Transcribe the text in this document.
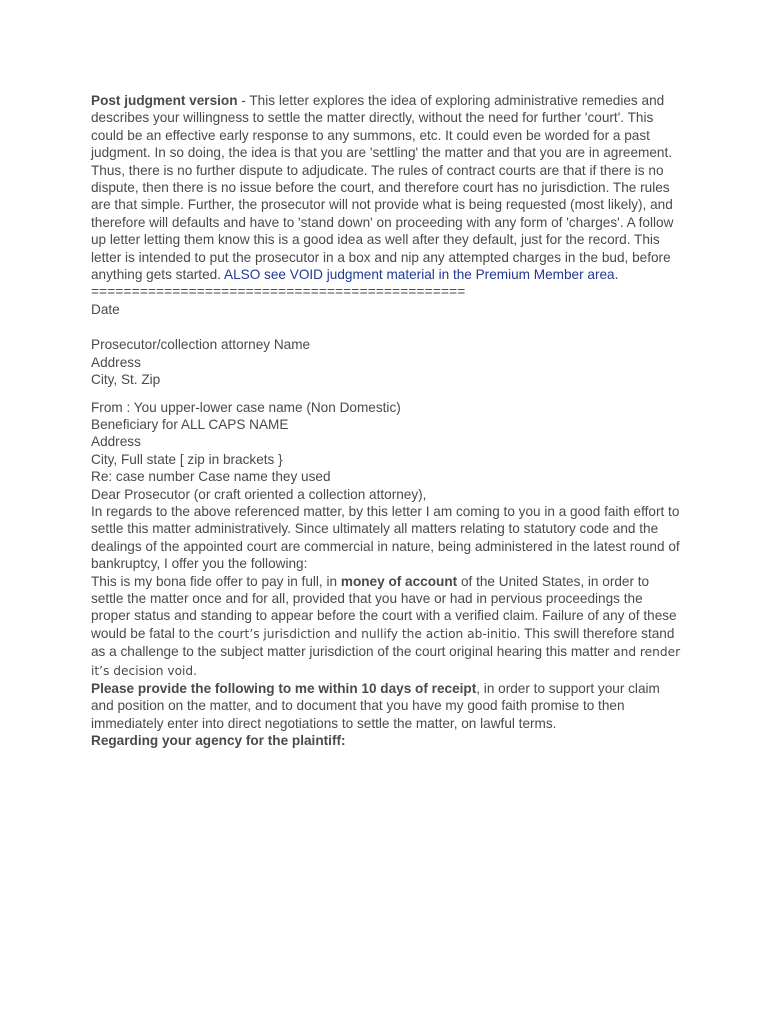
Post judgment version - This letter explores the idea of exploring administrative remedies and describes your willingness to settle the matter directly, without the need for further 'court'. This could be an effective early response to any summons, etc. It could even be worded for a past judgment. In so doing, the idea is that you are 'settling' the matter and that you are in agreement. Thus, there is no further dispute to adjudicate. The rules of contract courts are that if there is no dispute, then there is no issue before the court, and therefore court has no jurisdiction. The rules are that simple. Further, the prosecutor will not provide what is being requested (most likely), and therefore will defaults and have to 'stand down' on proceeding with any form of 'charges'. A follow up letter letting them know this is a good idea as well after they default, just for the record. This letter is intended to put the prosecutor in a box and nip any attempted charges in the bud, before anything gets started. ALSO see VOID judgment material in the Premium Member area.

==============================================

Date

Prosecutor/collection attorney Name

Address

City, St. Zip

From : You upper-lower case name (Non Domestic)

Beneficiary for ALL CAPS NAME

Address

City, Full state [ zip in brackets }

Re: case number Case name they used

Dear Prosecutor (or craft oriented a collection attorney),

In regards to the above referenced matter, by this letter I am coming to you in a good faith effort to settle this matter administratively. Since ultimately all matters relating to statutory code and the dealings of the appointed court are commercial in nature, being administered in the latest round of bankruptcy, I offer you the following:

This is my bona fide offer to pay in full, in money of account of the United States, in order to settle the matter once and for all, provided that you have or had in pervious proceedings the proper status and standing to appear before the court with a verified claim. Failure of any of these would be fatal to the court’s jurisdiction and nullify the action ab-initio. This swill therefore stand as a challenge to the subject matter jurisdiction of the court original hearing this matter and render it’s decision void.

Please provide the following to me within 10 days of receipt, in order to support your claim and position on the matter, and to document that you have my good faith promise to then immediately enter into direct negotiations to settle the matter, on lawful terms.

Regarding your agency for the plaintiff:
